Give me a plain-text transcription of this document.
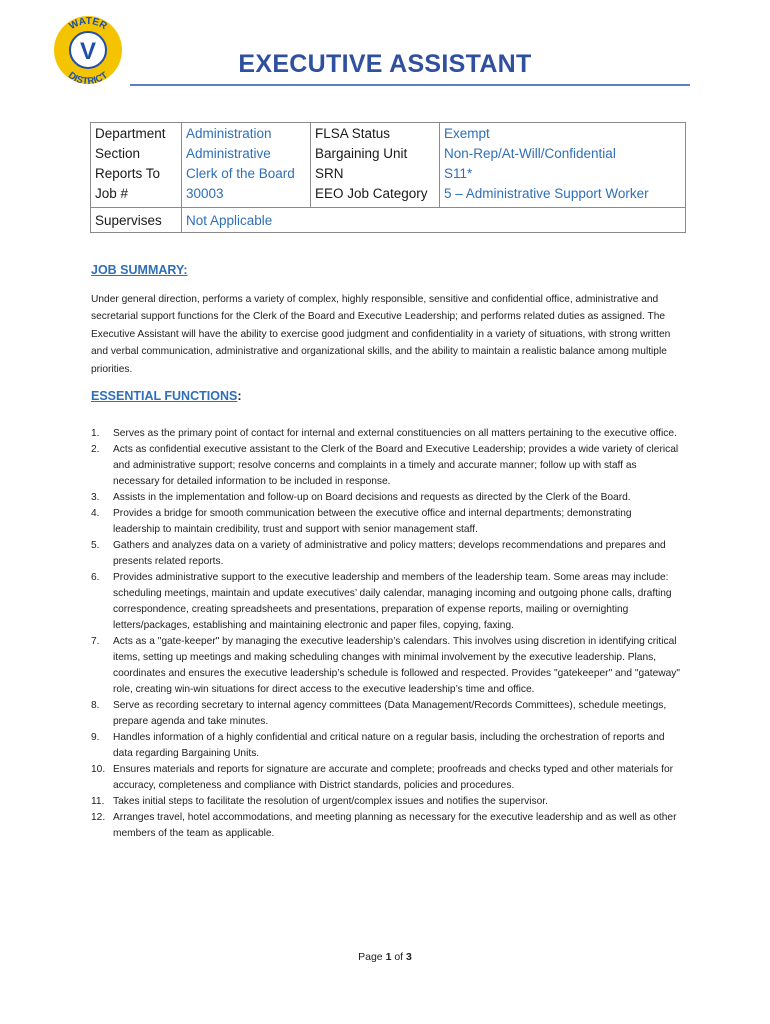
WATER
V
DISTRICT	EXECUTIVE ASSISTANT
Department	Administration	FLSA Status	Exempt
Section	Administrative	Bargaining Unit	Non-Rep/At-Will/Confidential
Reports To	Clerk of the Board	SRN	S11*
Job #	30003	EEO Job Category	5 – Administrative Support Worker
Supervises	Not Applicable		
JOB SUMMARY:
Under general direction, performs a variety of complex, highly responsible, sensitive and confidential office, administrative and secretarial support functions for the Clerk of the Board and Executive Leadership; and performs related duties as assigned. The Executive Assistant will have the ability to exercise good judgment and confidentiality in a variety of situations, with strong written and verbal communication, administrative and organizational skills, and the ability to maintain a realistic balance among multiple priorities.
ESSENTIAL FUNCTIONS:
1. Serves as the primary point of contact for internal and external constituencies on all matters pertaining to the executive office.
2. Acts as confidential executive assistant to the Clerk of the Board and Executive Leadership; provides a wide variety of clerical and administrative support; resolve concerns and complaints in a timely and accurate manner; follow up with staff as necessary for detailed information to be included in response.
3. Assists in the implementation and follow-up on Board decisions and requests as directed by the Clerk of the Board.
4. Provides a bridge for smooth communication between the executive office and internal departments; demonstrating leadership to maintain credibility, trust and support with senior management staff.
5. Gathers and analyzes data on a variety of administrative and policy matters; develops recommendations and prepares and presents related reports.
6. Provides administrative support to the executive leadership and members of the leadership team. Some areas may include: scheduling meetings, maintain and update executives’ daily calendar, managing incoming and outgoing phone calls, drafting correspondence, creating spreadsheets and presentations, preparation of expense reports, mailing or overnighting letters/packages, establishing and maintaining electronic and paper files, copying, faxing.
7. Acts as a "gate-keeper" by managing the executive leadership’s calendars. This involves using discretion in identifying critical items, setting up meetings and making scheduling changes with minimal involvement by the executive leadership. Plans, coordinates and ensures the executive leadership’s schedule is followed and respected. Provides "gatekeeper" and "gateway" role, creating win-win situations for direct access to the executive leadership’s time and office.
8. Serve as recording secretary to internal agency committees (Data Management/Records Committees), schedule meetings, prepare agenda and take minutes.
9. Handles information of a highly confidential and critical nature on a regular basis, including the orchestration of reports and data regarding Bargaining Units.
10. Ensures materials and reports for signature are accurate and complete; proofreads and checks typed and other materials for accuracy, completeness and compliance with District standards, policies and procedures.
11. Takes initial steps to facilitate the resolution of urgent/complex issues and notifies the supervisor.
12. Arranges travel, hotel accommodations, and meeting planning as necessary for the executive leadership and as well as other members of the team as applicable.
Page 1 of 3
